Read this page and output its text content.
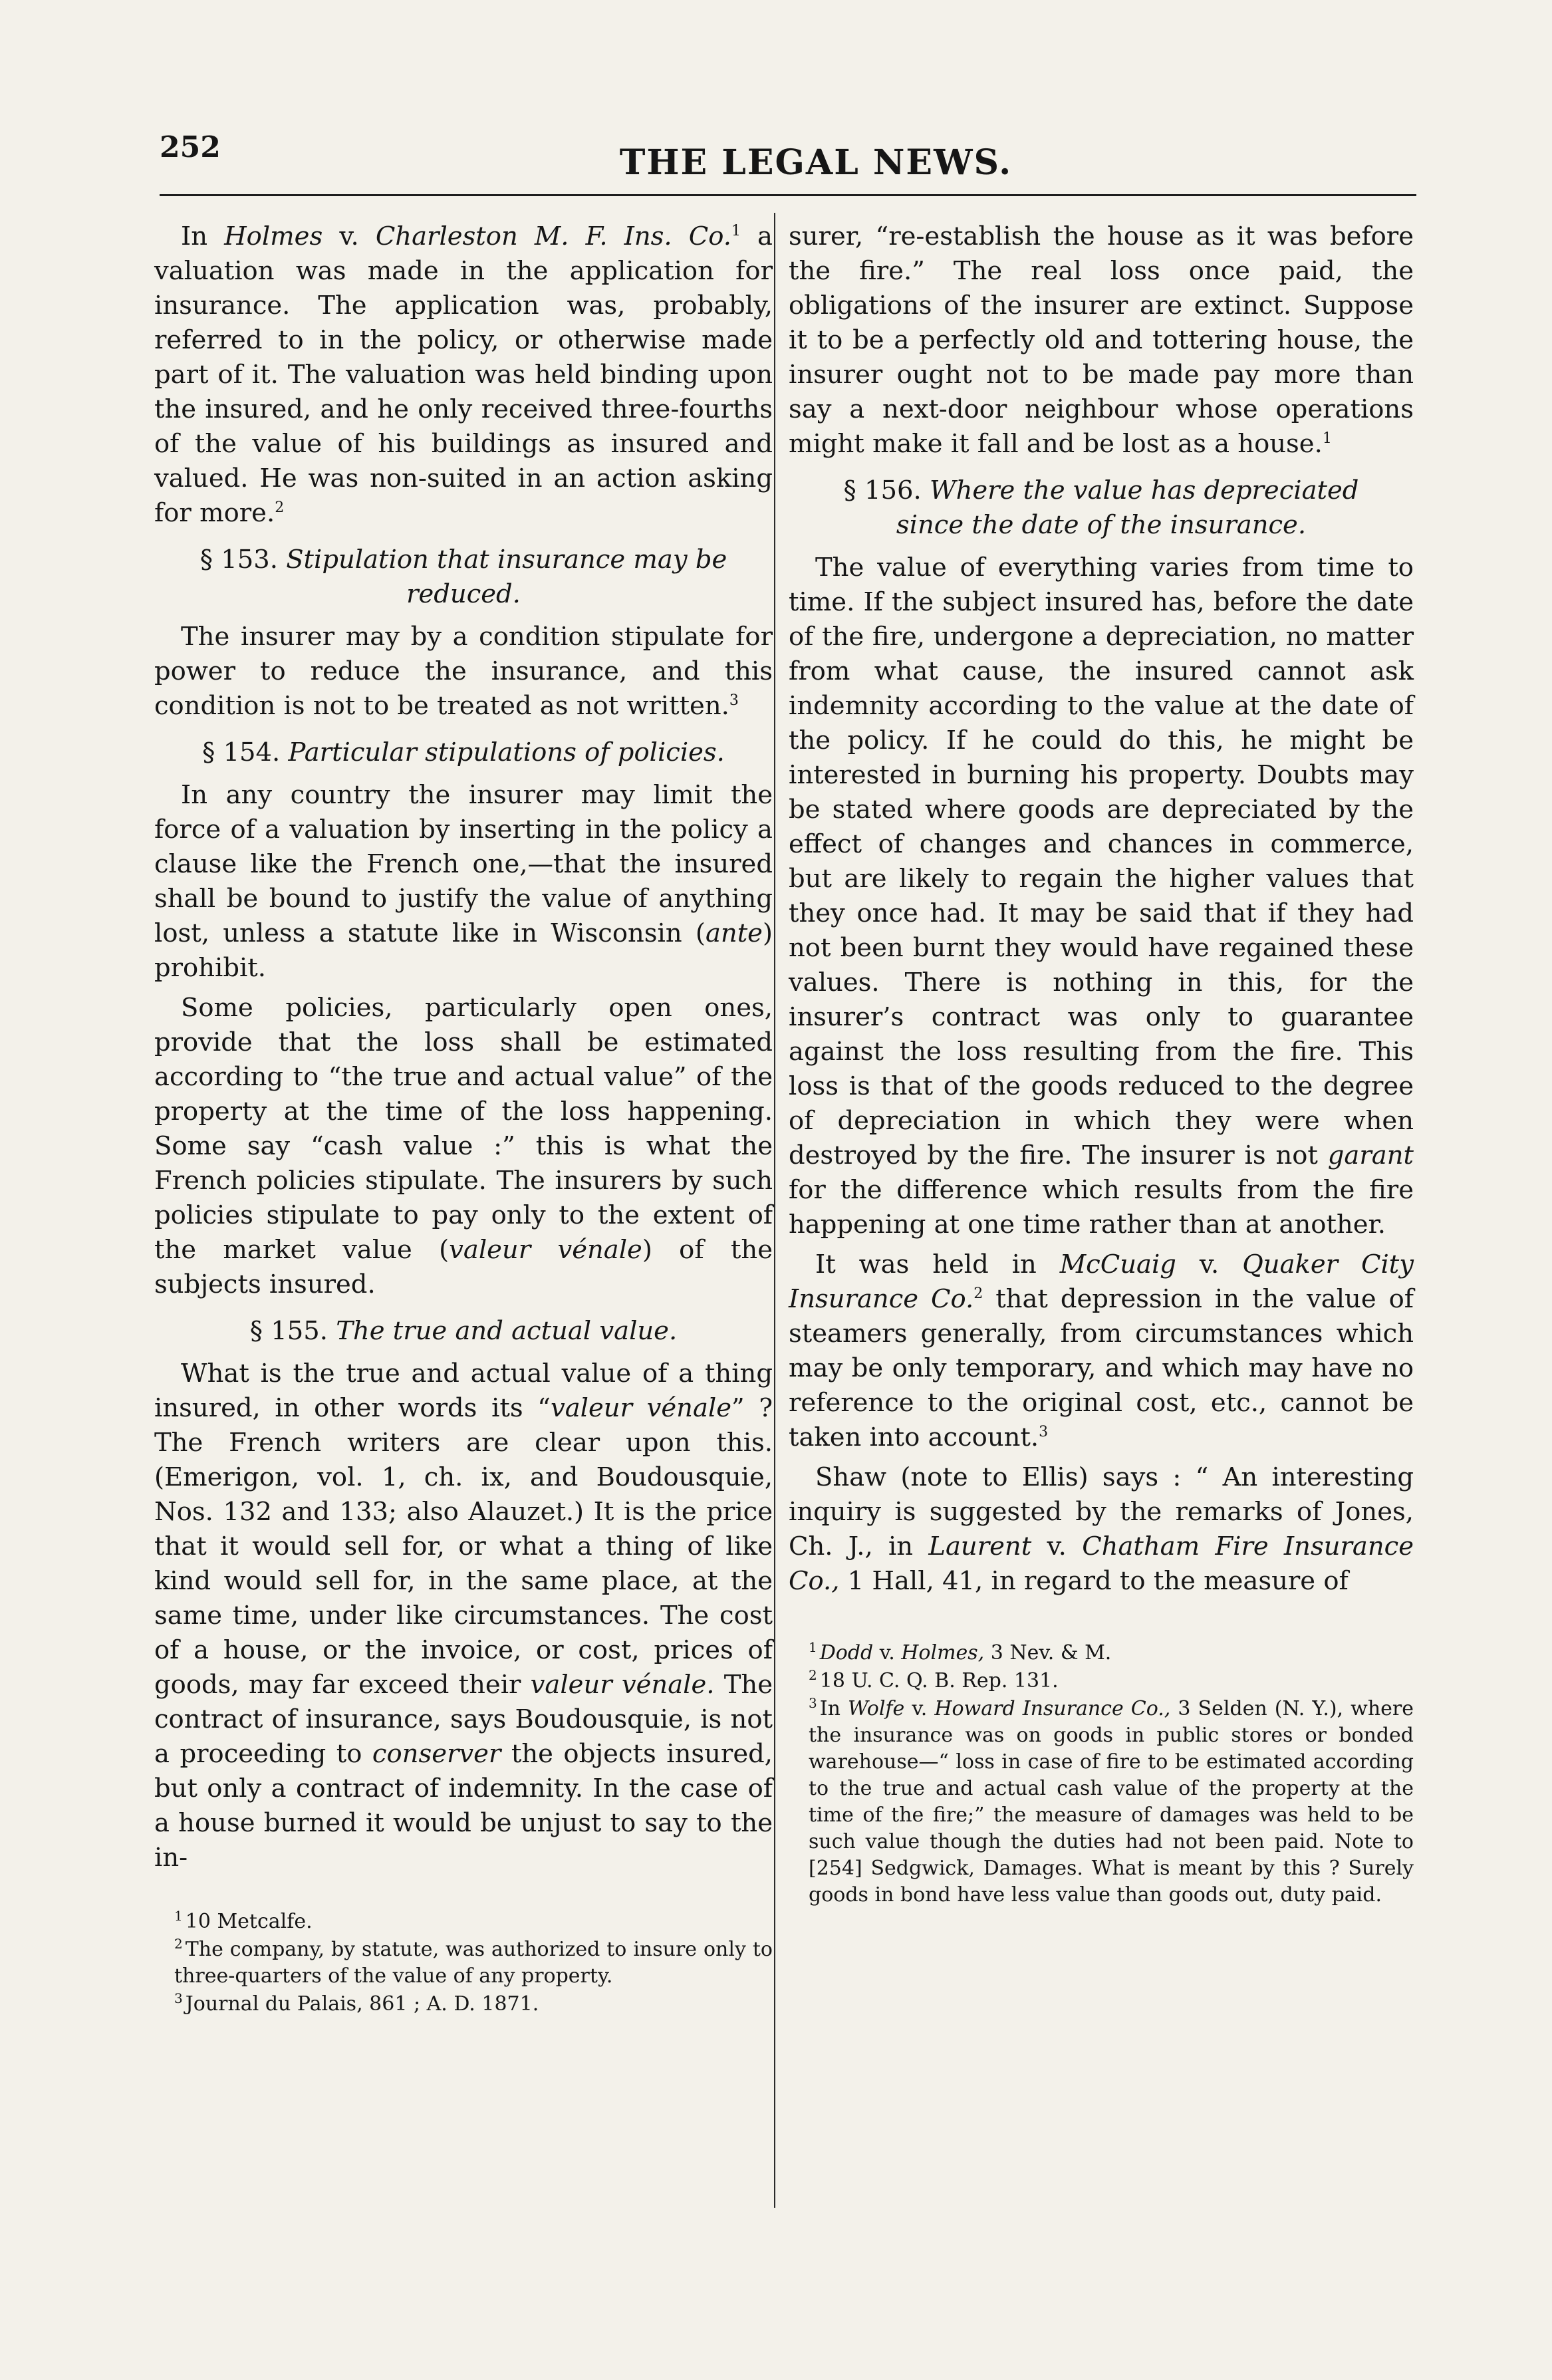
252	THE LEGAL NEWS.

In Holmes v. Charleston M. F. Ins. Co.$^1$ a valuation was made in the application for insurance. The application was, probably, referred to in the policy, or otherwise made part of it. The valuation was held binding upon the insured, and he only received three-fourths of the value of his buildings as insured and valued. He was non-suited in an action asking for more.$^2$

§ 153. Stipulation that insurance may be reduced.

The insurer may by a condition stipulate for power to reduce the insurance, and this condition is not to be treated as not written.$^3$

§ 154. Particular stipulations of policies.

In any country the insurer may limit the force of a valuation by inserting in the policy a clause like the French one,—that the insured shall be bound to justify the value of anything lost, unless a statute like in Wisconsin (ante) prohibit.

Some policies, particularly open ones, provide that the loss shall be estimated according to “the true and actual value” of the property at the time of the loss happening. Some say “cash value :” this is what the French policies stipulate. The insurers by such policies stipulate to pay only to the extent of the market value (valeur vénale) of the subjects insured.

§ 155. The true and actual value.

What is the true and actual value of a thing insured, in other words its “valeur vénale” ? The French writers are clear upon this. (Emerigon, vol. 1, ch. ix, and Boudousquie, Nos. 132 and 133; also Alauzet.) It is the price that it would sell for, or what a thing of like kind would sell for, in the same place, at the same time, under like circumstances. The cost of a house, or the invoice, or cost, prices of goods, may far exceed their valeur vénale. The contract of insurance, says Boudousquie, is not a proceeding to conserver the objects insured, but only a contract of indemnity. In the case of a house burned it would be unjust to say to the in-

$^1$ 10 Metcalfe.
$^2$ The company, by statute, was authorized to insure only to three-quarters of the value of any property.
$^3$ Journal du Palais, 861 ; A. D. 1871.

surer, “re-establish the house as it was before the fire.” The real loss once paid, the obligations of the insurer are extinct. Suppose it to be a perfectly old and tottering house, the insurer ought not to be made pay more than say a next-door neighbour whose operations might make it fall and be lost as a house.$^1$

§ 156. Where the value has depreciated since the date of the insurance.

The value of everything varies from time to time. If the subject insured has, before the date of the fire, undergone a depreciation, no matter from what cause, the insured cannot ask indemnity according to the value at the date of the policy. If he could do this, he might be interested in burning his property. Doubts may be stated where goods are depreciated by the effect of changes and chances in commerce, but are likely to regain the higher values that they once had. It may be said that if they had not been burnt they would have regained these values. There is nothing in this, for the insurer’s contract was only to guarantee against the loss resulting from the fire. This loss is that of the goods reduced to the degree of depreciation in which they were when destroyed by the fire. The insurer is not garant for the difference which results from the fire happening at one time rather than at another.

It was held in McCuaig v. Quaker City Insurance Co.$^2$ that depression in the value of steamers generally, from circumstances which may be only temporary, and which may have no reference to the original cost, etc., cannot be taken into account.$^3$

Shaw (note to Ellis) says : “ An interesting inquiry is suggested by the remarks of Jones, Ch. J., in Laurent v. Chatham Fire Insurance Co., 1 Hall, 41, in regard to the measure of

$^1$ Dodd v. Holmes, 3 Nev. & M.
$^2$ 18 U. C. Q. B. Rep. 131.
$^3$ In Wolfe v. Howard Insurance Co., 3 Selden (N. Y.), where the insurance was on goods in public stores or bonded warehouse—“ loss in case of fire to be estimated according to the true and actual cash value of the property at the time of the fire;” the measure of damages was held to be such value though the duties had not been paid. Note to [254] Sedgwick, Damages. What is meant by this ? Surely goods in bond have less value than goods out, duty paid.
